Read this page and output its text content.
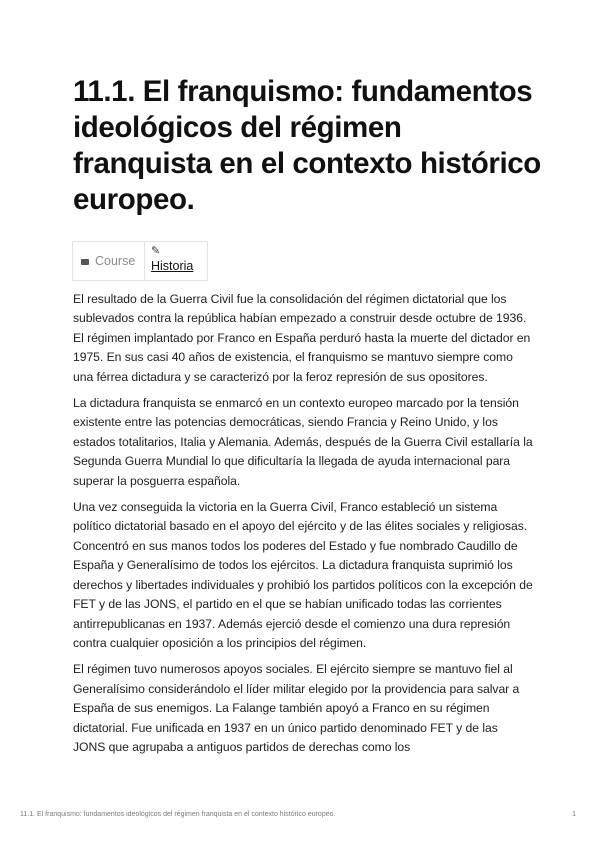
11.1. El franquismo: fundamentos ideológicos del régimen franquista en el contexto histórico europeo.
Course
✎
Historia

El resultado de la Guerra Civil fue la consolidación del régimen dictatorial que los sublevados contra la república habían empezado a construir desde octubre de 1936. El régimen implantado por Franco en España perduró hasta la muerte del dictador en 1975. En sus casi 40 años de existencia, el franquismo se mantuvo siempre como una férrea dictadura y se caracterizó por la feroz represión de sus opositores.

La dictadura franquista se enmarcó en un contexto europeo marcado por la tensión existente entre las potencias democráticas, siendo Francia y Reino Unido, y los estados totalitarios, Italia y Alemania. Además, después de la Guerra Civil estallaría la Segunda Guerra Mundial lo que dificultaría la llegada de ayuda internacional para superar la posguerra española.

Una vez conseguida la victoria en la Guerra Civil, Franco estableció un sistema político dictatorial basado en el apoyo del ejército y de las élites sociales y religiosas. Concentró en sus manos todos los poderes del Estado y fue nombrado Caudillo de España y Generalísimo de todos los ejércitos. La dictadura franquista suprimió los derechos y libertades individuales y prohibió los partidos políticos con la excepción de FET y de las JONS, el partido en el que se habían unificado todas las corrientes antirrepublicanas en 1937. Además ejerció desde el comienzo una dura represión contra cualquier oposición a los principios del régimen.

El régimen tuvo numerosos apoyos sociales. El ejército siempre se mantuvo fiel al Generalísimo considerándolo el líder militar elegido por la providencia para salvar a España de sus enemigos. La Falange también apoyó a Franco en su régimen dictatorial. Fue unificada en 1937 en un único partido denominado FET y de las JONS que agrupaba a antiguos partidos de derechas como los

11.1. El franquismo: fundamentos ideológicos del régimen franquista en el contexto histórico europeo.	1
